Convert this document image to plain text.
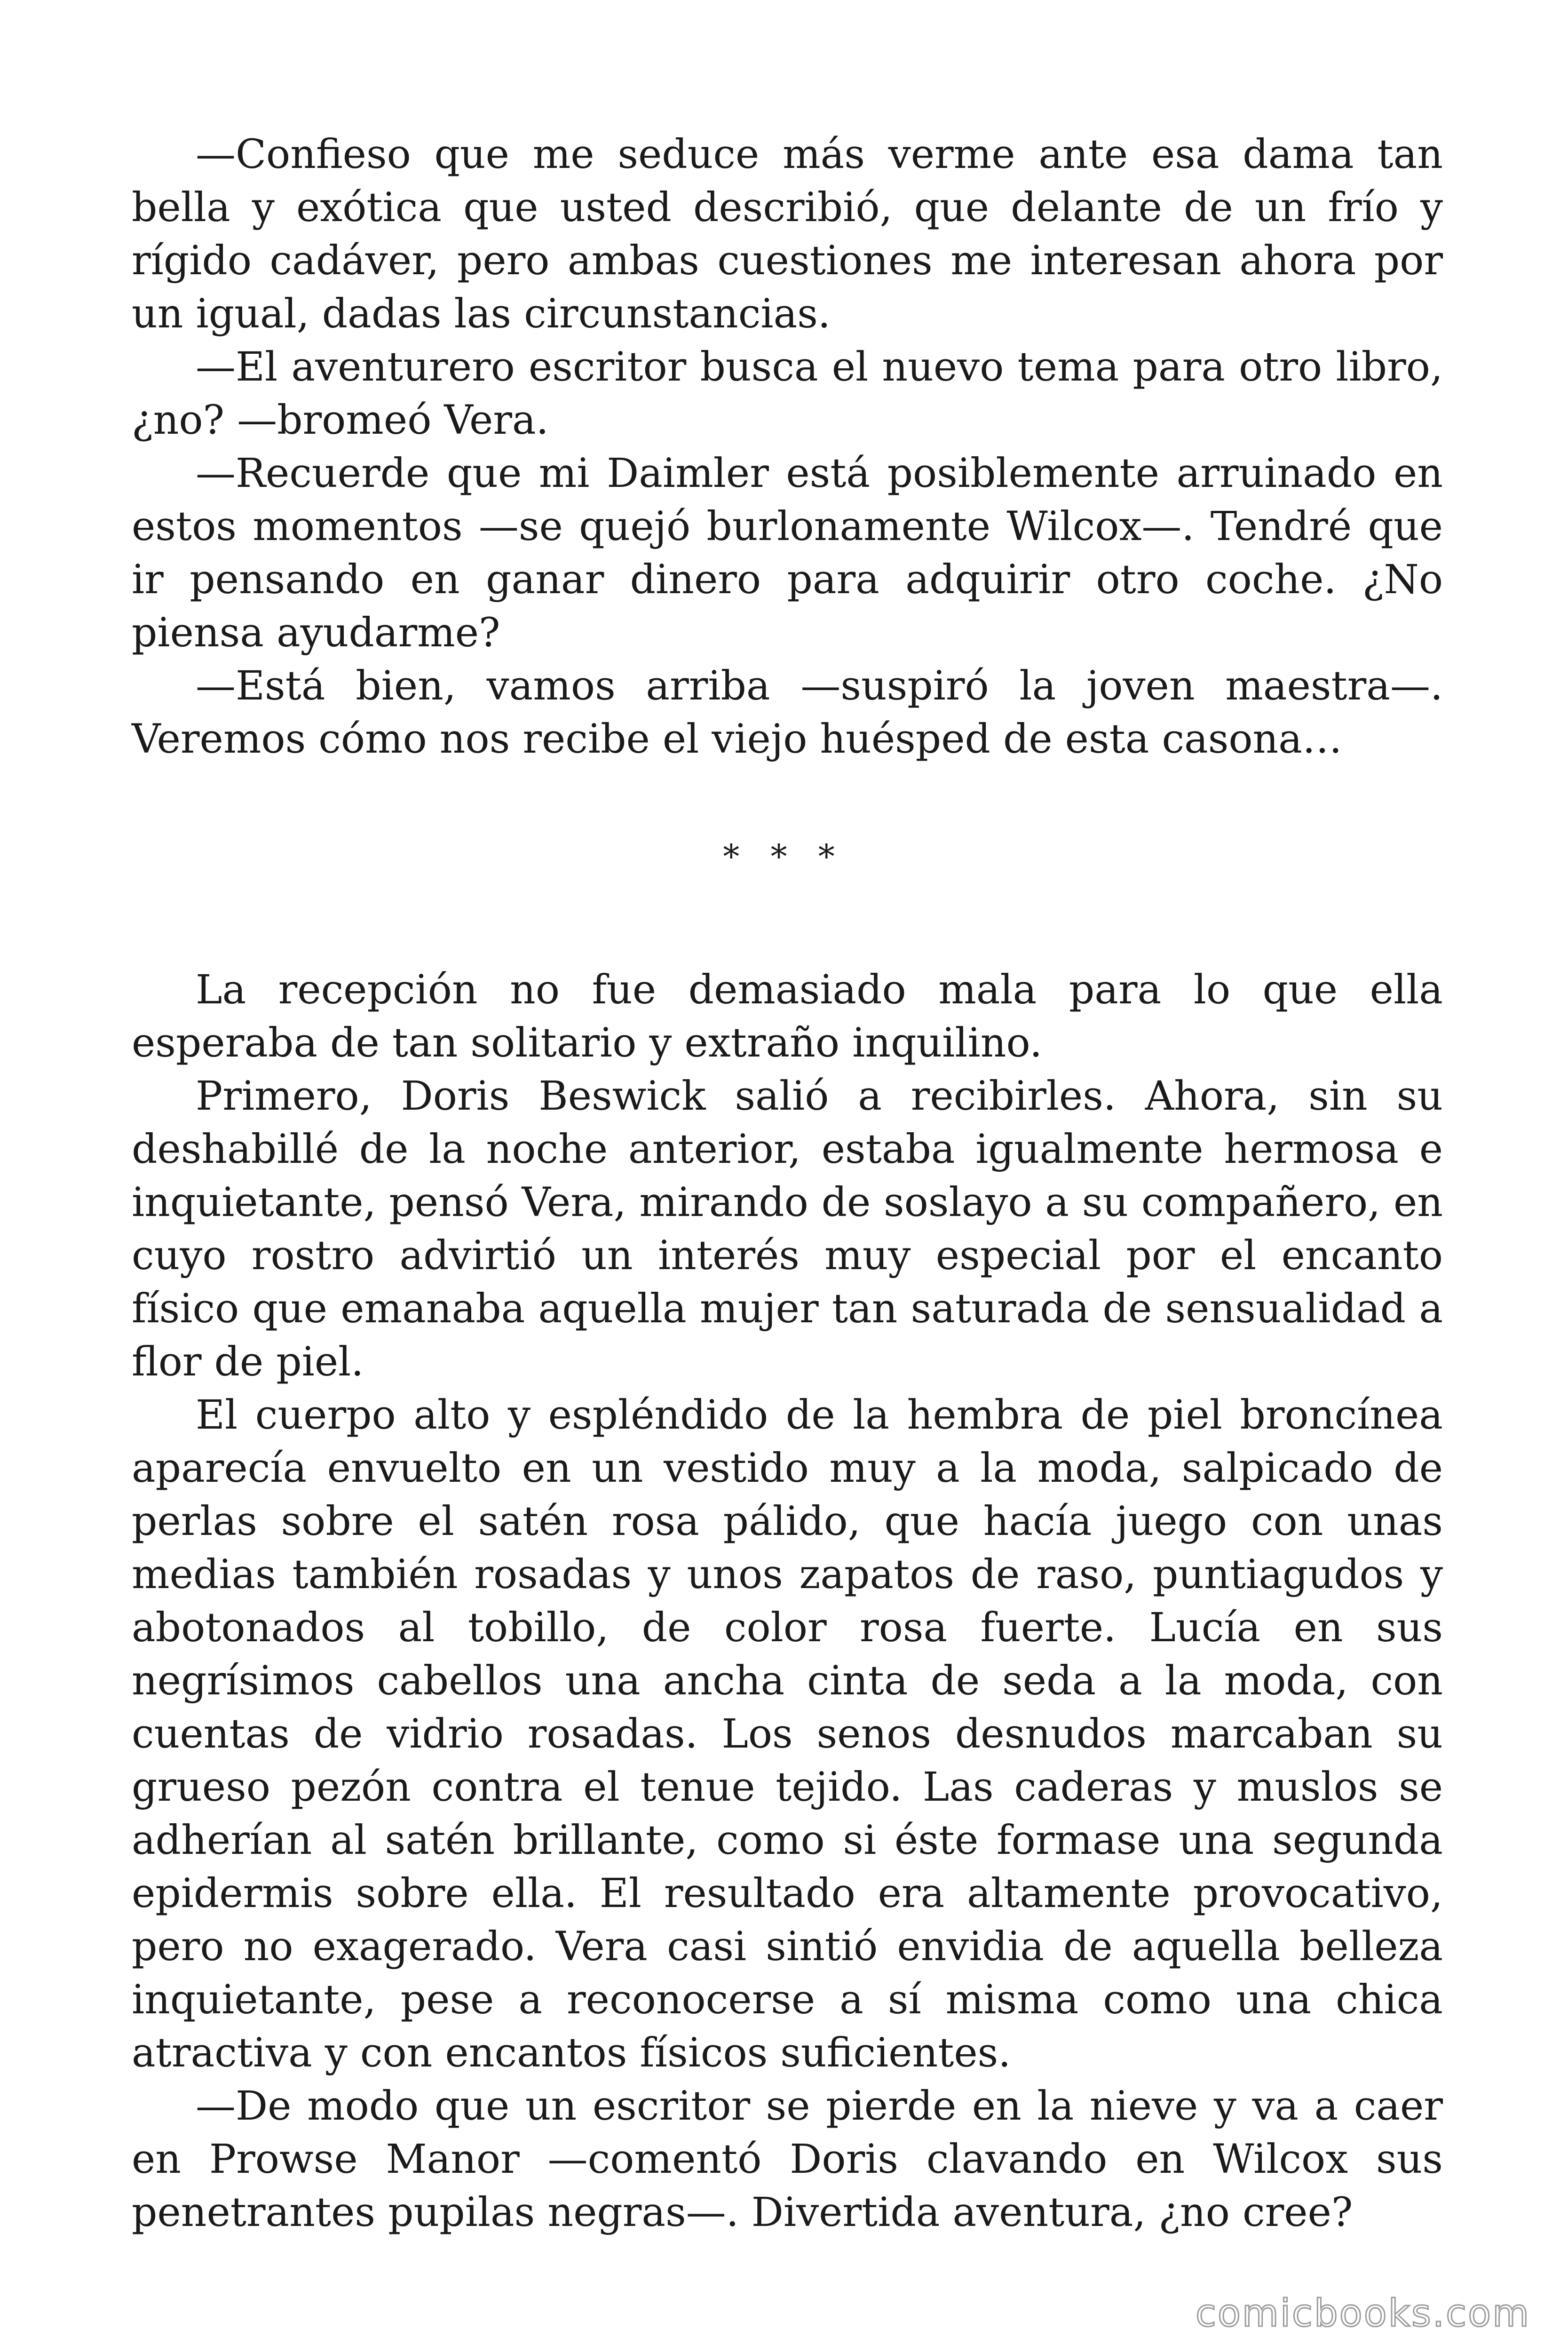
—Confieso que me seduce más verme ante esa dama tan bella y exótica que usted describió, que delante de un frío y rígido cadáver, pero ambas cuestiones me interesan ahora por un igual, dadas las circunstancias.

—El aventurero escritor busca el nuevo tema para otro libro, ¿no? —bromeó Vera.

—Recuerde que mi Daimler está posiblemente arruinado en estos momentos —se quejó burlonamente Wilcox—. Tendré que ir pensando en ganar dinero para adquirir otro coche. ¿No piensa ayudarme?

—Está bien, vamos arriba —suspiró la joven maestra—. Veremos cómo nos recibe el viejo huésped de esta casona…

* * *

La recepción no fue demasiado mala para lo que ella esperaba de tan solitario y extraño inquilino.

Primero, Doris Beswick salió a recibirles. Ahora, sin su deshabillé de la noche anterior, estaba igualmente hermosa e inquietante, pensó Vera, mirando de soslayo a su compañero, en cuyo rostro advirtió un interés muy especial por el encanto físico que emanaba aquella mujer tan saturada de sensualidad a flor de piel.

El cuerpo alto y espléndido de la hembra de piel broncínea aparecía envuelto en un vestido muy a la moda, salpicado de perlas sobre el satén rosa pálido, que hacía juego con unas medias también rosadas y unos zapatos de raso, puntiagudos y abotonados al tobillo, de color rosa fuerte. Lucía en sus negrísimos cabellos una ancha cinta de seda a la moda, con cuentas de vidrio rosadas. Los senos desnudos marcaban su grueso pezón contra el tenue tejido. Las caderas y muslos se adherían al satén brillante, como si éste formase una segunda epidermis sobre ella. El resultado era altamente provocativo, pero no exagerado. Vera casi sintió envidia de aquella belleza inquietante, pese a reconocerse a sí misma como una chica atractiva y con encantos físicos suficientes.

—De modo que un escritor se pierde en la nieve y va a caer en Prowse Manor —comentó Doris clavando en Wilcox sus penetrantes pupilas negras—. Divertida aventura, ¿no cree?

comicbooks.com
